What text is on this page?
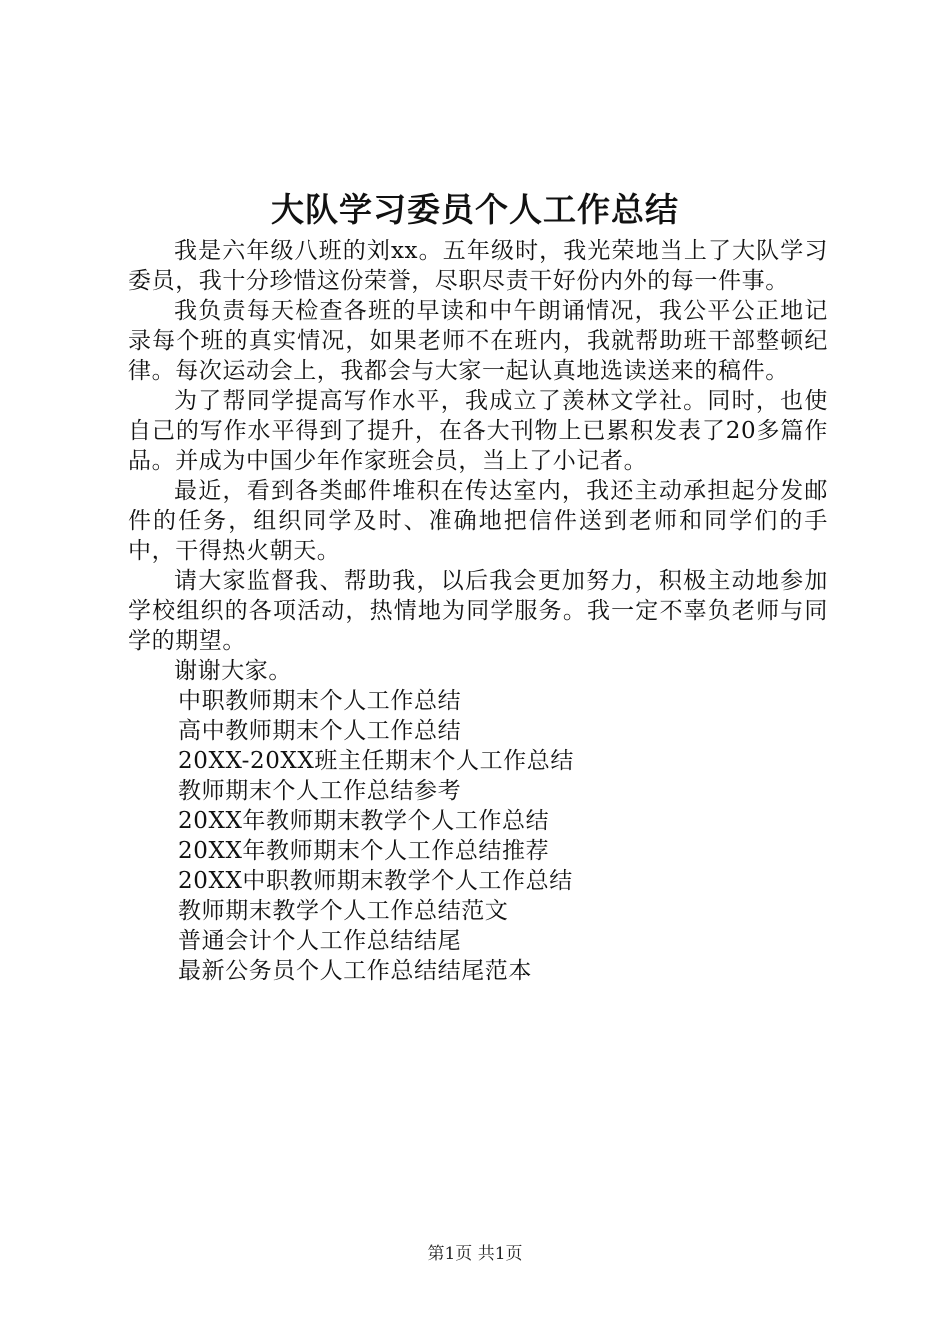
大队学习委员个人工作总结

我是六年级八班的刘xx。五年级时，我光荣地当上了大队学习委员，我十分珍惜这份荣誉，尽职尽责干好份内外的每一件事。

我负责每天检查各班的早读和中午朗诵情况，我公平公正地记录每个班的真实情况，如果老师不在班内，我就帮助班干部整顿纪律。每次运动会上，我都会与大家一起认真地选读送来的稿件。

为了帮同学提高写作水平，我成立了羡林文学社。同时，也使自己的写作水平得到了提升，在各大刊物上已累积发表了20多篇作品。并成为中国少年作家班会员，当上了小记者。

最近，看到各类邮件堆积在传达室内，我还主动承担起分发邮件的任务，组织同学及时、准确地把信件送到老师和同学们的手中，干得热火朝天。

请大家监督我、帮助我，以后我会更加努力，积极主动地参加学校组织的各项活动，热情地为同学服务。我一定不辜负老师与同学的期望。

谢谢大家。

中职教师期末个人工作总结
高中教师期末个人工作总结
20XX-20XX班主任期末个人工作总结
教师期末个人工作总结参考
20XX年教师期末教学个人工作总结
20XX年教师期末个人工作总结推荐
20XX中职教师期末教学个人工作总结
教师期末教学个人工作总结范文
普通会计个人工作总结结尾
最新公务员个人工作总结结尾范本
第1页 共1页
